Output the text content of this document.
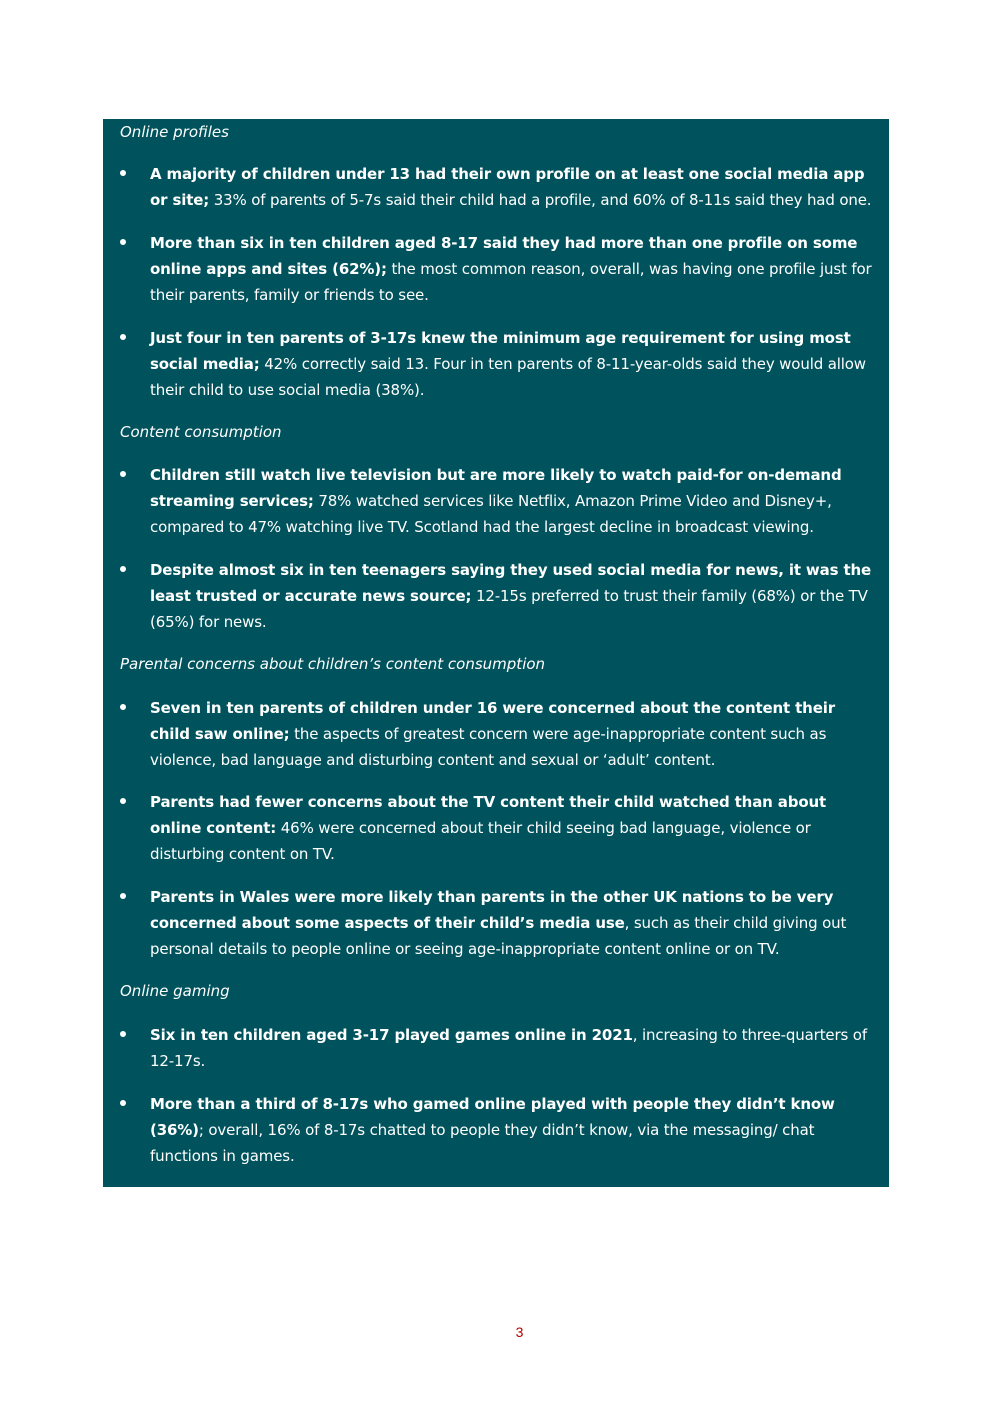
Online profiles
A majority of children under 13 had their own profile on at least one social media app or site; 33% of parents of 5-7s said their child had a profile, and 60% of 8-11s said they had one.
More than six in ten children aged 8-17 said they had more than one profile on some online apps and sites (62%); the most common reason, overall, was having one profile just for their parents, family or friends to see.
Just four in ten parents of 3-17s knew the minimum age requirement for using most social media; 42% correctly said 13. Four in ten parents of 8-11-year-olds said they would allow their child to use social media (38%).
Content consumption
Children still watch live television but are more likely to watch paid-for on-demand streaming services; 78% watched services like Netflix, Amazon Prime Video and Disney+, compared to 47% watching live TV. Scotland had the largest decline in broadcast viewing.
Despite almost six in ten teenagers saying they used social media for news, it was the least trusted or accurate news source; 12-15s preferred to trust their family (68%) or the TV (65%) for news.
Parental concerns about children’s content consumption
Seven in ten parents of children under 16 were concerned about the content their child saw online; the aspects of greatest concern were age-inappropriate content such as violence, bad language and disturbing content and sexual or ‘adult’ content.
Parents had fewer concerns about the TV content their child watched than about online content: 46% were concerned about their child seeing bad language, violence or disturbing content on TV.
Parents in Wales were more likely than parents in the other UK nations to be very concerned about some aspects of their child’s media use, such as their child giving out personal details to people online or seeing age-inappropriate content online or on TV.
Online gaming
Six in ten children aged 3-17 played games online in 2021, increasing to three-quarters of 12-17s.
More than a third of 8-17s who gamed online played with people they didn’t know (36%); overall, 16% of 8-17s chatted to people they didn’t know, via the messaging/ chat functions in games.
3
